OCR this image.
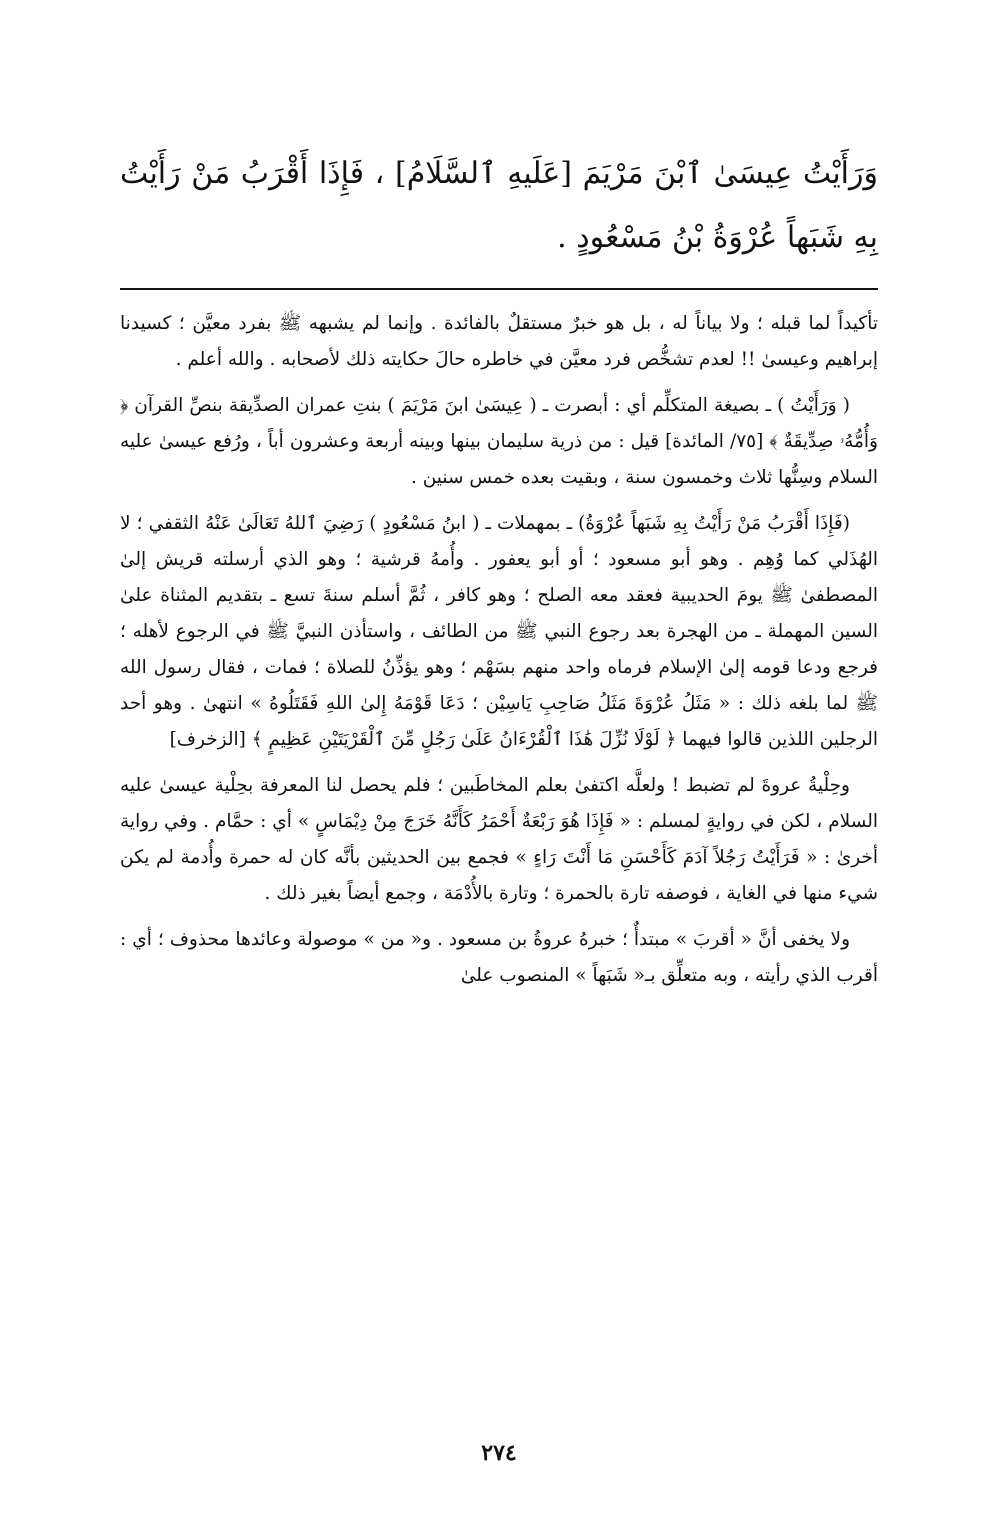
وَرَأَيْتُ عِيسَىٰ ٱبْنَ مَرْيَمَ [عَلَيهِ ٱلسَّلَامُ] ، فَإِذَا أَقْرَبُ مَنْ رَأَيْتُ بِهِ شَبَهاً عُرْوَةُ بْنُ مَسْعُودٍ .

تأكيداً لما قبله ؛ ولا بياناً له ، بل هو خبرٌ مستقلٌ بالفائدة . وإنما لم يشبهه ﷺ بفرد معيَّن ؛ كسيدنا إبراهيم وعيسىٰ !! لعدم تشخُّص فرد معيَّن في خاطره حالَ حكايته ذلك لأصحابه . والله أعلم .

( وَرَأَيْتُ ) ـ بصيغة المتكلِّم أي : أبصرت ـ ( عِيسَىٰ ابنَ مَرْيَمَ ) بنتِ عمران الصدِّيقة بنصِّ القرآن ﴿ وَأُمُّهُۥ صِدِّيقَةٌ ﴾ [٧٥/ المائدة] قيل : من ذرية سليمان بينها وبينه أربعة وعشرون أباً ، ورُفع عيسىٰ عليه السلام وسِنُّها ثلاث وخمسون سنة ، وبقيت بعده خمس سنين .

(فَإِذَا أَقْرَبُ مَنْ رَأَيْتُ بِهِ شَبَهاً عُرْوَةُ) ـ بمهملات ـ ( ابنُ مَسْعُودٍ ) رَضِيَ ٱللهُ تَعَالَىٰ عَنْهُ الثقفي ؛ لا الهُذَلي كما وُهِم . وهو أبو مسعود ؛ أو أبو يعفور . وأُمهُ قرشية ؛ وهو الذي أرسلته قريش إلىٰ المصطفىٰ ﷺ يومَ الحديبية فعقد معه الصلح ؛ وهو كافر ، ثُمَّ أسلم سنةَ تسع ـ بتقديم المثناة علىٰ السين المهملة ـ من الهجرة بعد رجوع النبي ﷺ من الطائف ، واستأذن النبيَّ ﷺ في الرجوع لأهله ؛ فرجع ودعا قومه إلىٰ الإسلام فرماه واحد منهم بسَهْم ؛ وهو يؤذِّنُ للصلاة ؛ فمات ، فقال رسول الله ﷺ لما بلغه ذلك : « مَثَلُ عُرْوَةَ مَثَلُ صَاحِبِ يَاسِيْن ؛ دَعَا قَوْمَهُ إِلىٰ اللهِ فَقَتَلُوهُ » انتهىٰ . وهو أحد الرجلين اللذين قالوا فيهما ﴿ لَوْلَا نُزِّلَ هَٰذَا ٱلْقُرْءَانُ عَلَىٰ رَجُلٍ مِّنَ ٱلْقَرْيَتَيْنِ عَظِيمٍ ﴾ [الزخرف]

وحِلْيةُ عروةَ لم تضبط ! ولعلَّه اكتفىٰ بعلم المخاطَبين ؛ فلم يحصل لنا المعرفة بحِلْية عيسىٰ عليه السلام ، لكن في روايةٍ لمسلم : « فَإِذَا هُوَ رَبْعَةٌ أَحْمَرُ كَأَنَّهُ خَرَجَ مِنْ دِيْمَاسٍ » أي : حمَّام . وفي رواية أخرىٰ : « فَرَأَيْتُ رَجُلاً آدَمَ كَأَحْسَنِ مَا أَنْتَ رَاءٍ » فجمع بين الحديثين بأنَّه كان له حمرة وأُدمة لم يكن شيء منها في الغاية ، فوصفه تارة بالحمرة ؛ وتارة بالأُدْمَة ، وجمع أيضاً بغير ذلك .

ولا يخفى أنَّ « أقربَ » مبتدأٌ ؛ خبرهُ عروةُ بن مسعود . و« من » موصولة وعائدها محذوف ؛ أي : أقرب الذي رأيته ، وبه متعلِّق بـ« شَبَهاً » المنصوب علىٰ

٢٧٤
